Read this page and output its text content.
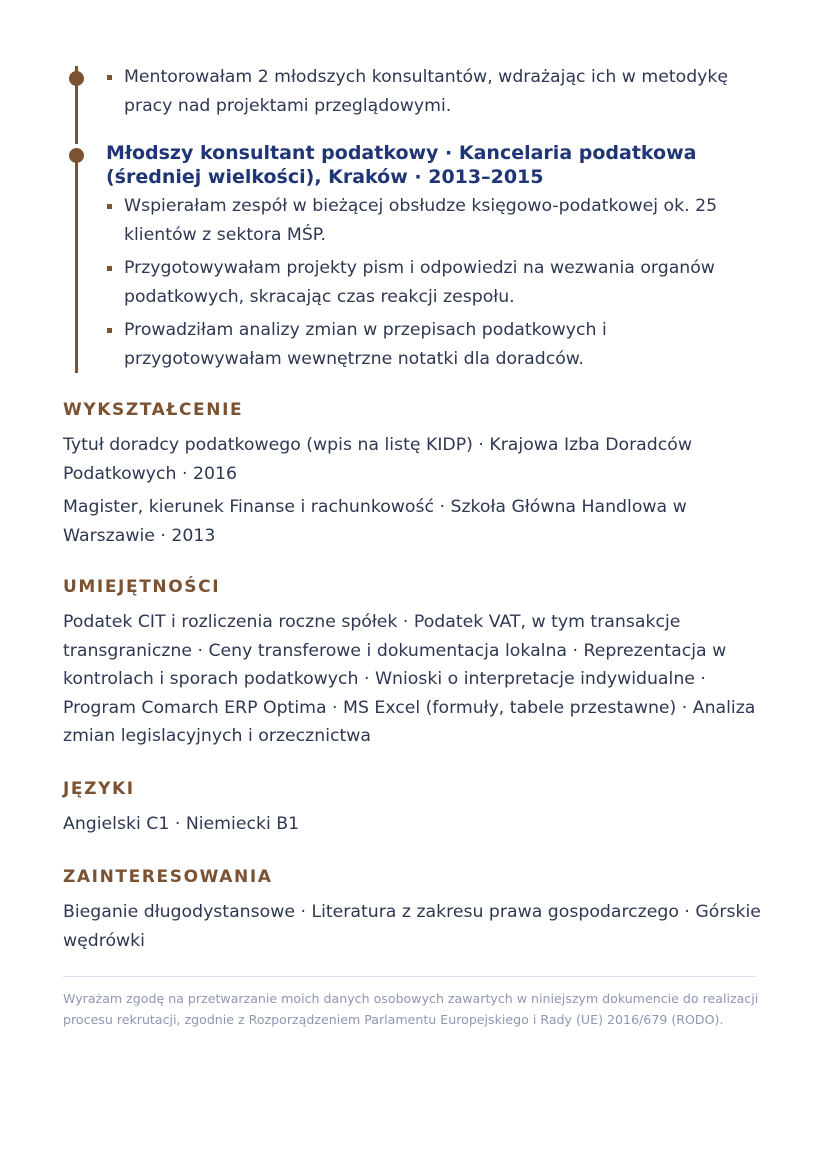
Mentorowałam 2 młodszych konsultantów, wdrażając ich w metodykę pracy nad projektami przeglądowymi.
Młodszy konsultant podatkowy · Kancelaria podatkowa (średniej wielkości), Kraków · 2013–2015
Wspierałam zespół w bieżącej obsłudze księgowo-podatkowej ok. 25 klientów z sektora MŚP.
Przygotowywałam projekty pism i odpowiedzi na wezwania organów podatkowych, skracając czas reakcji zespołu.
Prowadziłam analizy zmian w przepisach podatkowych i przygotowywałam wewnętrzne notatki dla doradców.
WYKSZTAŁCENIE

Tytuł doradcy podatkowego (wpis na listę KIDP) · Krajowa Izba Doradców Podatkowych · 2016

Magister, kierunek Finanse i rachunkowość · Szkoła Główna Handlowa w Warszawie · 2013

UMIEJĘTNOŚCI

Podatek CIT i rozliczenia roczne spółek · Podatek VAT, w tym transakcje transgraniczne · Ceny transferowe i dokumentacja lokalna · Reprezentacja w kontrolach i sporach podatkowych · Wnioski o interpretacje indywidualne · Program Comarch ERP Optima · MS Excel (formuły, tabele przestawne) · Analiza zmian legislacyjnych i orzecznictwa

JĘZYKI

Angielski C1 · Niemiecki B1

ZAINTERESOWANIA

Bieganie długodystansowe · Literatura z zakresu prawa gospodarczego · Górskie wędrówki

Wyrażam zgodę na przetwarzanie moich danych osobowych zawartych w niniejszym dokumencie do realizacji procesu rekrutacji, zgodnie z Rozporządzeniem Parlamentu Europejskiego i Rady (UE) 2016/679 (RODO).
